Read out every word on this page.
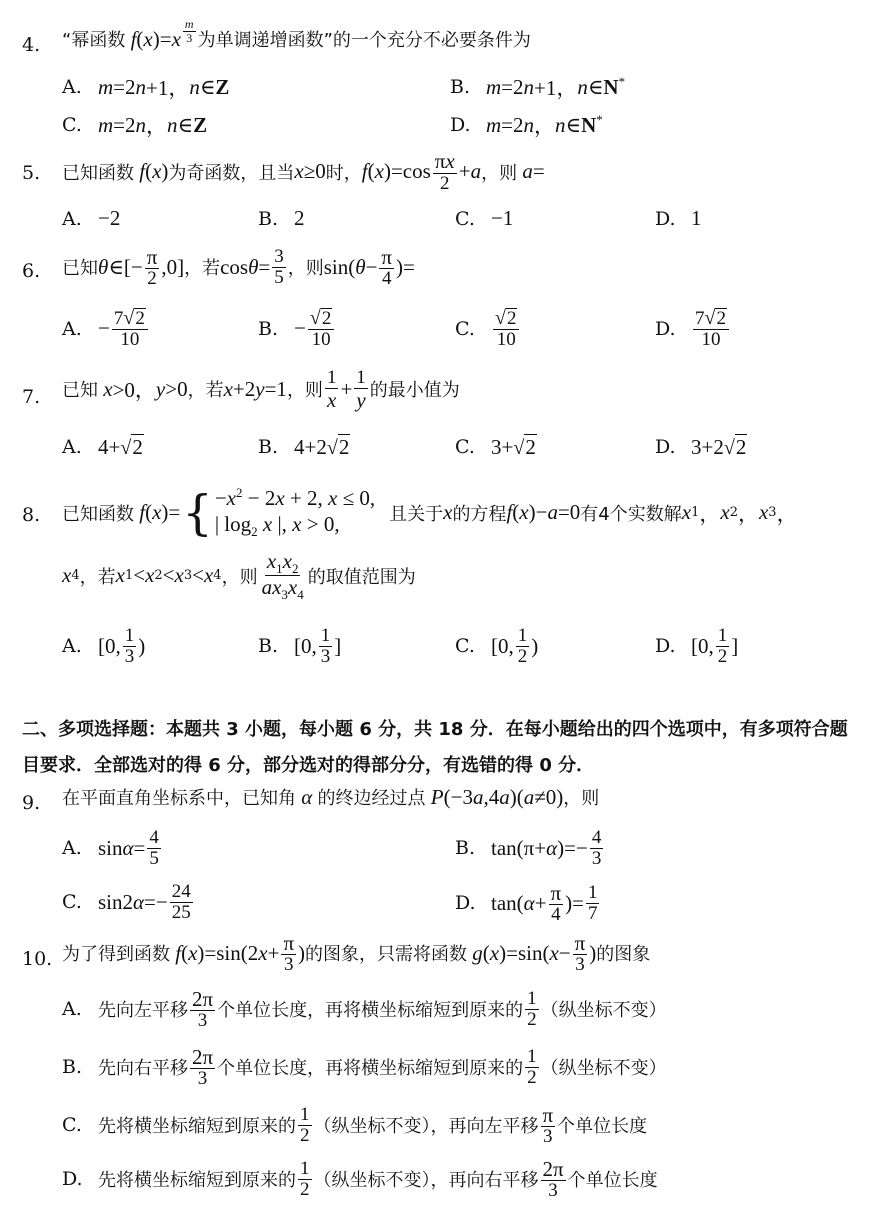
4. “幂函数 f ( x )= x $^{\frac{m}{3}}$ 为单调递增函数”的一个充分不必要条件为
A. m =2 n +1， n ∈Z	B. m =2 n +1， n ∈N*
C. m =2 n ， n ∈Z	D. m =2 n ， n ∈N*
5. 已知函数 f ( x ) 为奇函数，且当 x ≥0 时， f ( x )$=\cos \frac{\pi x}{2} + a$ ，则 a =
A. −2	B. 2	C. −1	D. 1
6. 已知 θ ∈[− $\frac{\pi}{2} ,0$] ，若 $\cos \theta = \frac{3}{5}$ ，则 sin( $\theta - \frac{\pi}{4}$ )=
A. − $\frac{7 √ 2}{10}$	B. − $\frac{√ 2}{10}$	C. $\frac{√ 2}{10}$	D. $\frac{7 √ 2}{10}$
7. 已知 x >0， y >0 ，若 x +2 y =1 ，则 $\frac{1}{x} + \frac{1}{y}$ 的最小值为
A. 4+ √ 2	B. 4+2 √ 2	C. 3+ √ 2	D. 3+2 √ 2
8. 已知函数 f ( x )= { $-x^2 - 2x + 2$, x ≤ 0,
| $\log_2 x$ |, x > 0,	且关于 x 的方程 f ( x )− a =0 有4个实数解 x 1 ， x 2 ， x 3 ，
x 4 ，若 x 1 < x 2 < x 3 < x 4 ，则 $\frac{x_1x_2}{ax_3x_4}$ 的取值范围为
A. [0, $\frac{1}{3}$ )	B. [0, $\frac{1}{3}$ ]	C. [0, $\frac{1}{2}$ )	D. [0, $\frac{1}{2}$ ]
二、多项选择题：本题共 3 小题，每小题 6 分，共 18 分．在每小题给出的四个选项中，有多项符合题目要求．全部选对的得 6 分，部分选对的得部分分，有选错的得 0 分．
9. 在平面直角坐标系中，已知角 α 的终边经过点 P (−3 a ,4 a )( a ≠0) ，则
A. $\sin \alpha = \frac{4}{5}$	B. tan(π+ α )=− $\frac{4}{3}$
C. sin2 $\alpha =- \frac{24}{25}$	D. tan( $\alpha + \frac{\pi}{4}$ )= $\frac{1}{7}$
10. 为了得到函数 f ( x )=sin(2 $x + \frac{\pi}{3}$ ) 的图象，只需将函数 g ( x )=sin( $x - \frac{\pi}{3}$ ) 的图象
A. 先向左平移 $\frac{2\pi}{3}$ 个单位长度，再将横坐标缩短到原来的 $\frac{1}{2}$ （纵坐标不变）
B. 先向右平移 $\frac{2\pi}{3}$ 个单位长度，再将横坐标缩短到原来的 $\frac{1}{2}$ （纵坐标不变）
C. 先将横坐标缩短到原来的 $\frac{1}{2}$ （纵坐标不变），再向左平移 $\frac{\pi}{3}$ 个单位长度
D. 先将横坐标缩短到原来的 $\frac{1}{2}$ （纵坐标不变），再向右平移 $\frac{2\pi}{3}$ 个单位长度
